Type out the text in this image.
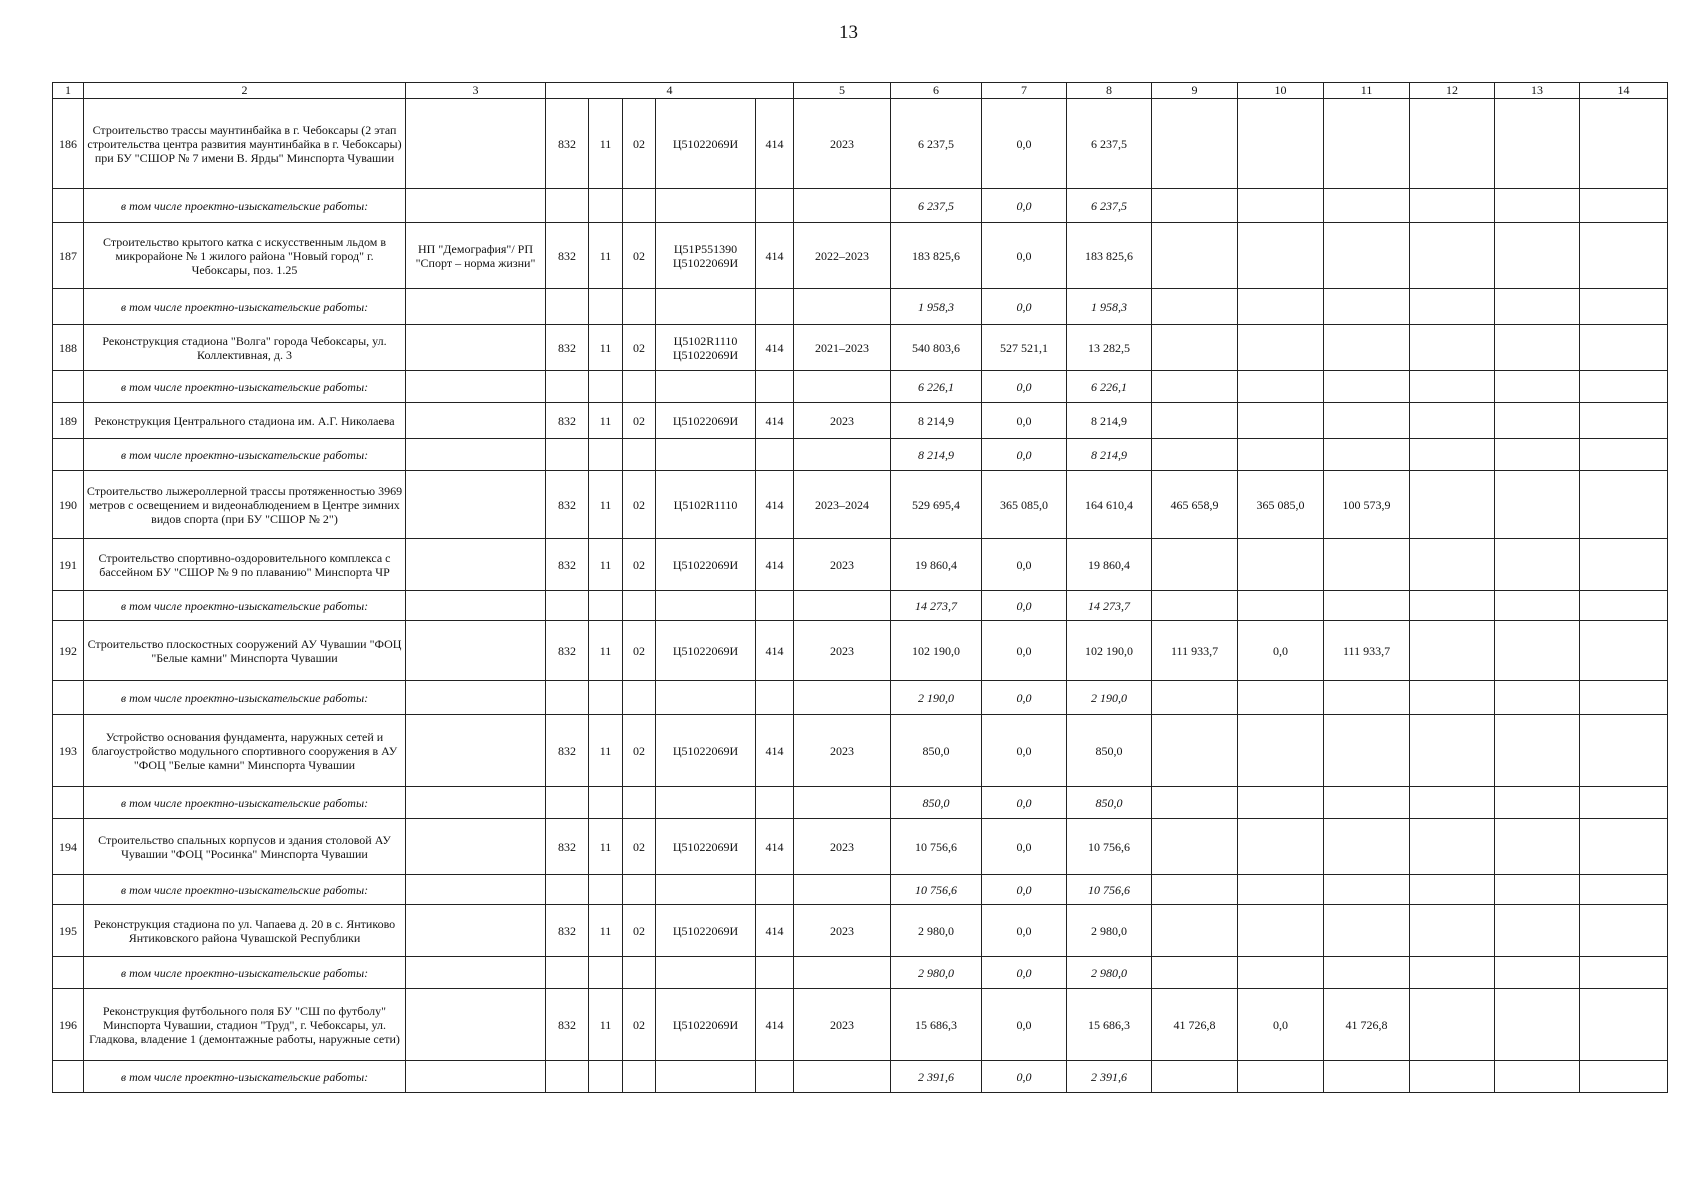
13
1	2	3	4					5	6	7	8	9	10	11	12	13	14
186	Строительство трассы маунтинбайка в г. Чебоксары (2 этап строительства центра развития маунтинбайка в г. Чебоксары) при БУ "СШОР № 7 имени В. Ярды" Минспорта Чувашии		832	11	02	Ц51022069И	414	2023	6 237,5	0,0	6 237,5						
	в том числе проектно-изыскательские работы:								6 237,5	0,0	6 237,5						
187	Строительство крытого катка с искусственным льдом в микрорайоне № 1 жилого района "Новый город" г. Чебоксары, поз. 1.25	НП "Демография"/ РП "Спорт – норма жизни"	832	11	02	Ц51P551390 Ц51022069И	414	2022–2023	183 825,6	0,0	183 825,6						
	в том числе проектно-изыскательские работы:								1 958,3	0,0	1 958,3						
188	Реконструкция стадиона "Волга" города Чебоксары, ул. Коллективная, д. 3		832	11	02	Ц5102R1110 Ц51022069И	414	2021–2023	540 803,6	527 521,1	13 282,5						
	в том числе проектно-изыскательские работы:								6 226,1	0,0	6 226,1						
189	Реконструкция Центрального стадиона им. А.Г. Николаева		832	11	02	Ц51022069И	414	2023	8 214,9	0,0	8 214,9						
	в том числе проектно-изыскательские работы:								8 214,9	0,0	8 214,9						
190	Строительство лыжероллерной трассы протяженностью 3969 метров с освещением и видеонаблюдением в Центре зимних видов спорта (при БУ "СШОР № 2")		832	11	02	Ц5102R1110	414	2023–2024	529 695,4	365 085,0	164 610,4	465 658,9	365 085,0	100 573,9			
191	Строительство спортивно-оздоровительного комплекса с бассейном БУ "СШОР № 9 по плаванию" Минспорта ЧР		832	11	02	Ц51022069И	414	2023	19 860,4	0,0	19 860,4						
	в том числе проектно-изыскательские работы:								14 273,7	0,0	14 273,7						
192	Строительство плоскостных сооружений АУ Чувашии "ФОЦ "Белые камни" Минспорта Чувашии		832	11	02	Ц51022069И	414	2023	102 190,0	0,0	102 190,0	111 933,7	0,0	111 933,7			
	в том числе проектно-изыскательские работы:								2 190,0	0,0	2 190,0						
193	Устройство основания фундамента, наружных сетей и благоустройство модульного спортивного сооружения в АУ "ФОЦ "Белые камни" Минспорта Чувашии		832	11	02	Ц51022069И	414	2023	850,0	0,0	850,0						
	в том числе проектно-изыскательские работы:								850,0	0,0	850,0						
194	Строительство спальных корпусов и здания столовой АУ Чувашии "ФОЦ "Росинка" Минспорта Чувашии		832	11	02	Ц51022069И	414	2023	10 756,6	0,0	10 756,6						
	в том числе проектно-изыскательские работы:								10 756,6	0,0	10 756,6						
195	Реконструкция стадиона по ул. Чапаева д. 20 в с. Янтиково Янтиковского района Чувашской Республики		832	11	02	Ц51022069И	414	2023	2 980,0	0,0	2 980,0						
	в том числе проектно-изыскательские работы:								2 980,0	0,0	2 980,0						
196	Реконструкция футбольного поля БУ "СШ по футболу" Минспорта Чувашии, стадион "Труд", г. Чебоксары, ул. Гладкова, владение 1 (демонтажные работы, наружные сети)		832	11	02	Ц51022069И	414	2023	15 686,3	0,0	15 686,3	41 726,8	0,0	41 726,8			
	в том числе проектно-изыскательские работы:								2 391,6	0,0	2 391,6						
